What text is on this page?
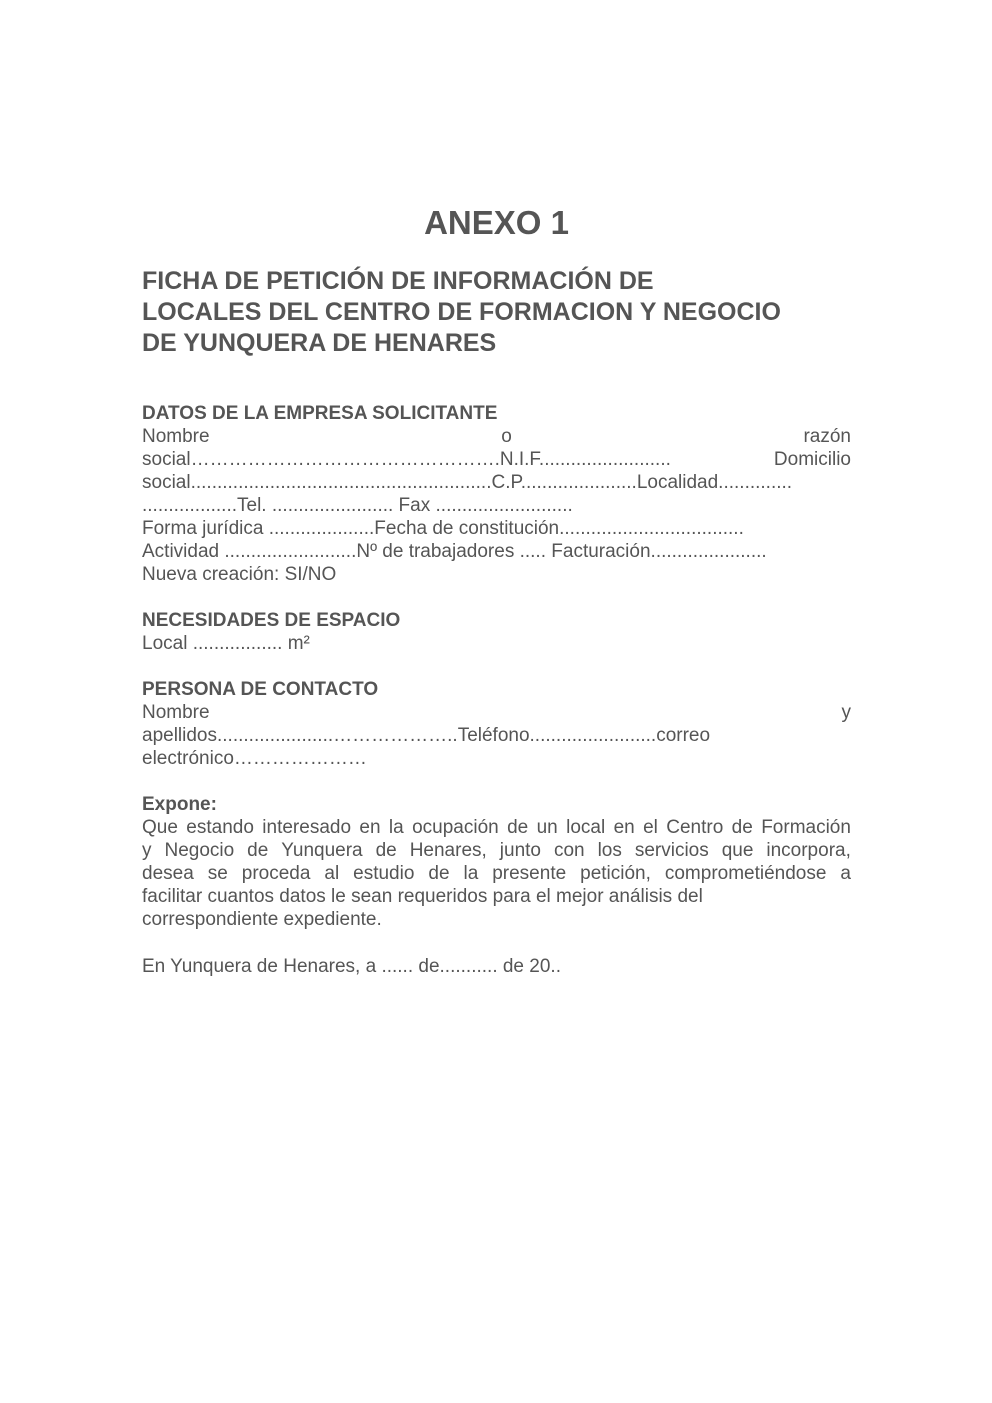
ANEXO 1
FICHA DE PETICIÓN DE INFORMACIÓN DE
LOCALES DEL CENTRO DE FORMACION Y NEGOCIO
DE YUNQUERA DE HENARES
DATOS DE LA EMPRESA SOLICITANTE
Nombre	o	razón
social………………………………………….N.I.F.........................	Domicilio
social.........................................................C.P......................Localidad..............
..................Tel. ....................... Fax ..........................
Forma jurídica ....................Fecha de constitución...................................
Actividad .........................Nº de trabajadores ..... Facturación......................
Nueva creación: SI/NO
NECESIDADES DE ESPACIO
Local ................. m²
PERSONA DE CONTACTO
Nombre	y
apellidos......................………………..Teléfono........................correo
electrónico…………………
Expone:
Que estando interesado en la ocupación de un local en el Centro de Formación
y Negocio de Yunquera de Henares, junto con los servicios que incorpora,
desea se proceda al estudio de la presente petición, comprometiéndose a
facilitar cuantos datos le sean requeridos para el mejor análisis del
correspondiente expediente.
En Yunquera de Henares, a ...... de........... de 20..
